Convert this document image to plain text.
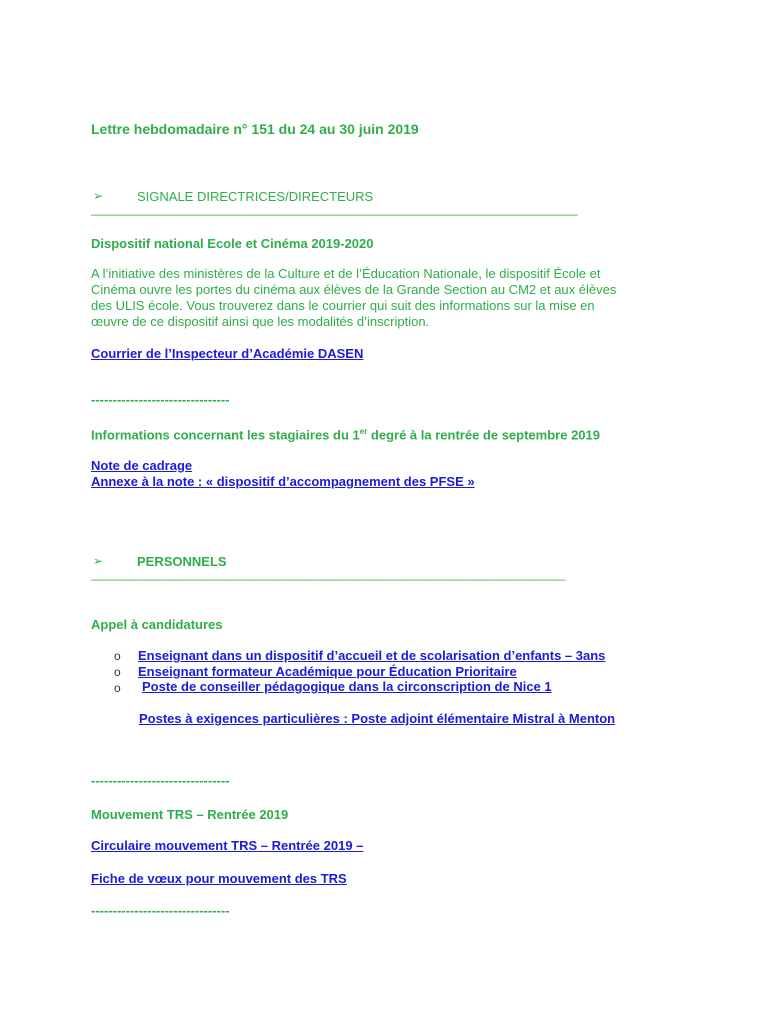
Lettre hebdomadaire n° 151 du 24 au 30 juin 2019
➢	SIGNALE DIRECTRICES/DIRECTEURS
________________________________________________________________________________
Dispositif national Ecole et Cinéma 2019-2020
A l’initiative des ministères de la Culture et de l’Éducation Nationale, le dispositif École et
Cinéma ouvre les portes du cinéma aux élèves de la Grande Section au CM2 et aux élèves
des ULIS école. Vous trouverez dans le courrier qui suit des informations sur la mise en
œuvre de ce dispositif ainsi que les modalités d’inscription.
Courrier de l’Inspecteur d’Académie DASEN
--------------------------------
Informations concernant les stagiaires du 1er degré à la rentrée de septembre 2019
Note de cadrage
Annexe à la note : « dispositif d’accompagnement des PFSE »
➢	PERSONNELS
______________________________________________________________________________
Appel à candidatures
o Enseignant dans un dispositif d’accueil et de scolarisation d’enfants – 3ans
o Enseignant formateur Académique pour Éducation Prioritaire
o Poste de conseiller pédagogique dans la circonscription de Nice 1
Postes à exigences particulières : Poste adjoint élémentaire Mistral à Menton
--------------------------------
Mouvement TRS – Rentrée 2019
Circulaire mouvement TRS – Rentrée 2019 –
Fiche de vœux pour mouvement des TRS
--------------------------------
